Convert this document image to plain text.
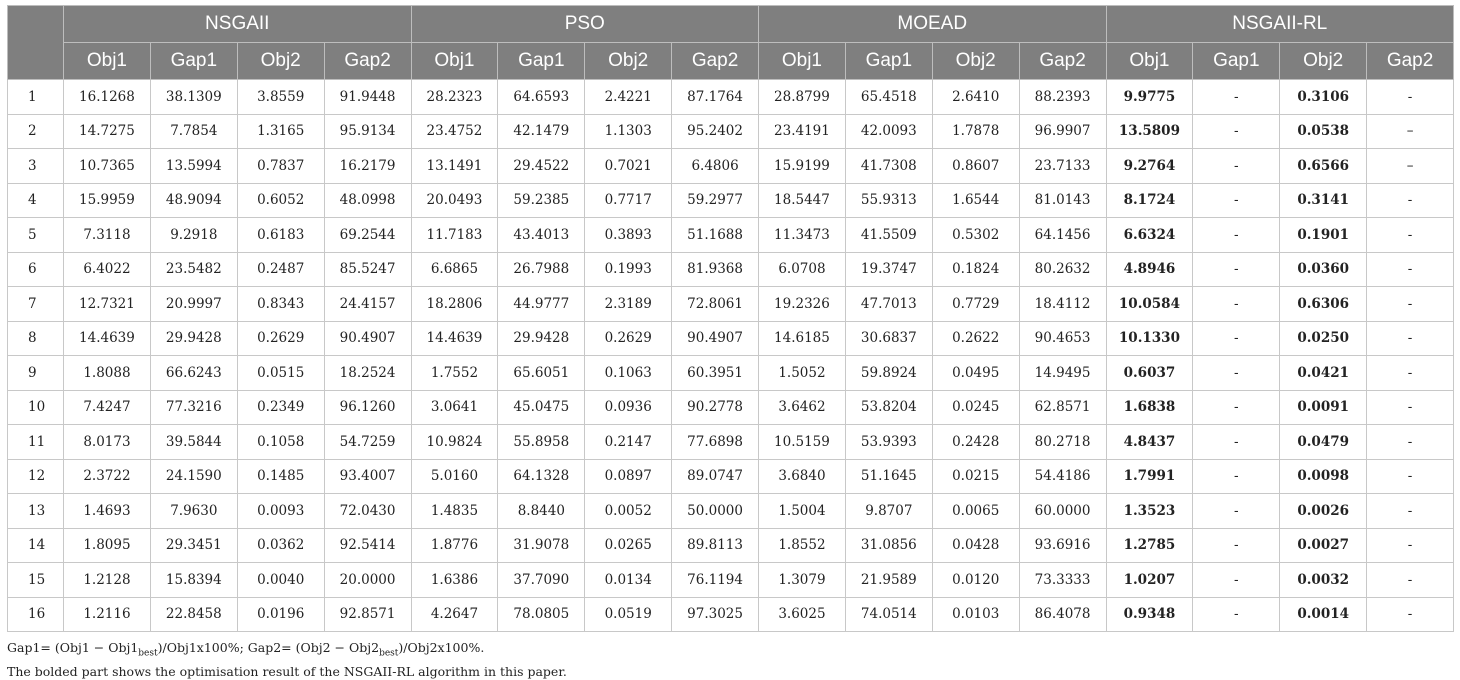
	NSGAII				PSO				MOEAD				NSGAII-RL			
	Obj1	Gap1	Obj2	Gap2	Obj1	Gap1	Obj2	Gap2	Obj1	Gap1	Obj2	Gap2	Obj1	Gap1	Obj2	Gap2
1	16.1268	38.1309	3.8559	91.9448	28.2323	64.6593	2.4221	87.1764	28.8799	65.4518	2.6410	88.2393	9.9775	-	0.3106	-
2	14.7275	7.7854	1.3165	95.9134	23.4752	42.1479	1.1303	95.2402	23.4191	42.0093	1.7878	96.9907	13.5809	-	0.0538	–
3	10.7365	13.5994	0.7837	16.2179	13.1491	29.4522	0.7021	6.4806	15.9199	41.7308	0.8607	23.7133	9.2764	-	0.6566	–
4	15.9959	48.9094	0.6052	48.0998	20.0493	59.2385	0.7717	59.2977	18.5447	55.9313	1.6544	81.0143	8.1724	-	0.3141	-
5	7.3118	9.2918	0.6183	69.2544	11.7183	43.4013	0.3893	51.1688	11.3473	41.5509	0.5302	64.1456	6.6324	-	0.1901	-
6	6.4022	23.5482	0.2487	85.5247	6.6865	26.7988	0.1993	81.9368	6.0708	19.3747	0.1824	80.2632	4.8946	-	0.0360	-
7	12.7321	20.9997	0.8343	24.4157	18.2806	44.9777	2.3189	72.8061	19.2326	47.7013	0.7729	18.4112	10.0584	-	0.6306	-
8	14.4639	29.9428	0.2629	90.4907	14.4639	29.9428	0.2629	90.4907	14.6185	30.6837	0.2622	90.4653	10.1330	-	0.0250	-
9	1.8088	66.6243	0.0515	18.2524	1.7552	65.6051	0.1063	60.3951	1.5052	59.8924	0.0495	14.9495	0.6037	-	0.0421	-
10	7.4247	77.3216	0.2349	96.1260	3.0641	45.0475	0.0936	90.2778	3.6462	53.8204	0.0245	62.8571	1.6838	-	0.0091	-
11	8.0173	39.5844	0.1058	54.7259	10.9824	55.8958	0.2147	77.6898	10.5159	53.9393	0.2428	80.2718	4.8437	-	0.0479	-
12	2.3722	24.1590	0.1485	93.4007	5.0160	64.1328	0.0897	89.0747	3.6840	51.1645	0.0215	54.4186	1.7991	-	0.0098	-
13	1.4693	7.9630	0.0093	72.0430	1.4835	8.8440	0.0052	50.0000	1.5004	9.8707	0.0065	60.0000	1.3523	-	0.0026	-
14	1.8095	29.3451	0.0362	92.5414	1.8776	31.9078	0.0265	89.8113	1.8552	31.0856	0.0428	93.6916	1.2785	-	0.0027	-
15	1.2128	15.8394	0.0040	20.0000	1.6386	37.7090	0.0134	76.1194	1.3079	21.9589	0.0120	73.3333	1.0207	-	0.0032	-
16	1.2116	22.8458	0.0196	92.8571	4.2647	78.0805	0.0519	97.3025	3.6025	74.0514	0.0103	86.4078	0.9348	-	0.0014	-
$Gap1= (Obj1 - Obj1_{best})/Obj1x100\%$; $Gap2= (Obj2 - Obj2_{best})/Obj2x100\%$.
The bolded part shows the optimisation result of the NSGAII-RL algorithm in this paper.
